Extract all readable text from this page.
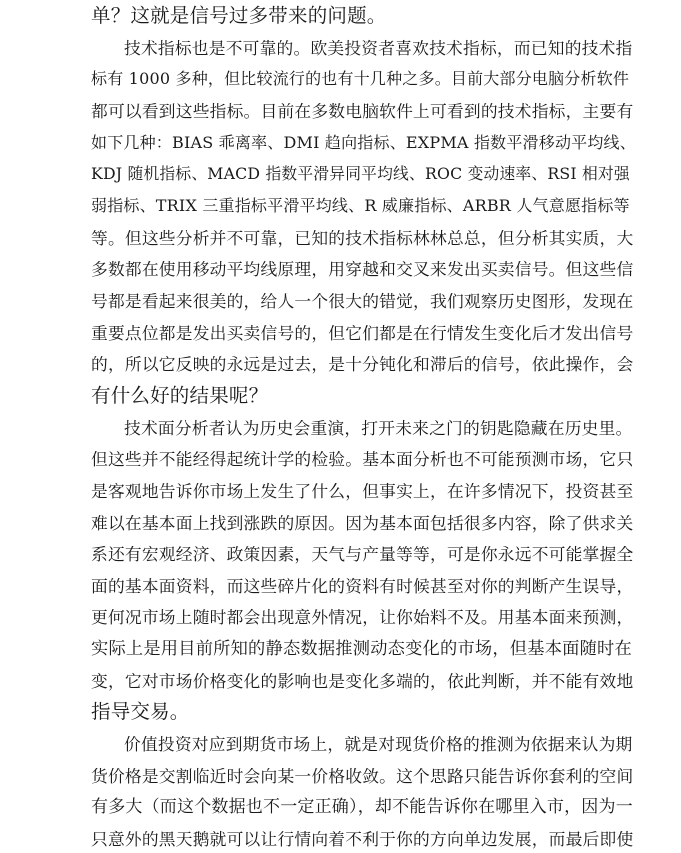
单？这就是信号过多带来的问题。
技术指标也是不可靠的。欧美投资者喜欢技术指标，而已知的技术指
标有 1000 多种，但比较流行的也有十几种之多。目前大部分电脑分析软件
都可以看到这些指标。目前在多数电脑软件上可看到的技术指标，主要有
如下几种：BIAS 乖离率、DMI 趋向指标、EXPMA 指数平滑移动平均线、
KDJ 随机指标、MACD 指数平滑异同平均线、ROC 变动速率、RSI 相对强
弱指标、TRIX 三重指标平滑平均线、R 威廉指标、ARBR 人气意愿指标等
等。但这些分析并不可靠，已知的技术指标林林总总，但分析其实质，大
多数都在使用移动平均线原理，用穿越和交叉来发出买卖信号。但这些信
号都是看起来很美的，给人一个很大的错觉，我们观察历史图形，发现在
重要点位都是发出买卖信号的，但它们都是在行情发生变化后才发出信号
的，所以它反映的永远是过去，是十分钝化和滞后的信号，依此操作，会
有什么好的结果呢？
技术面分析者认为历史会重演，打开未来之门的钥匙隐藏在历史里。
但这些并不能经得起统计学的检验。基本面分析也不可能预测市场，它只
是客观地告诉你市场上发生了什么，但事实上，在许多情况下，投资甚至
难以在基本面上找到涨跌的原因。因为基本面包括很多内容，除了供求关
系还有宏观经济、政策因素，天气与产量等等，可是你永远不可能掌握全
面的基本面资料，而这些碎片化的资料有时候甚至对你的判断产生误导，
更何况市场上随时都会出现意外情况，让你始料不及。用基本面来预测，
实际上是用目前所知的静态数据推测动态变化的市场，但基本面随时在
变，它对市场价格变化的影响也是变化多端的，依此判断，并不能有效地
指导交易。
价值投资对应到期货市场上，就是对现货价格的推测为依据来认为期
货价格是交割临近时会向某一价格收敛。这个思路只能告诉你套利的空间
有多大（而这个数据也不一定正确），却不能告诉你在哪里入市，因为一
只意外的黑天鹅就可以让行情向着不利于你的方向单边发展，而最后即使
